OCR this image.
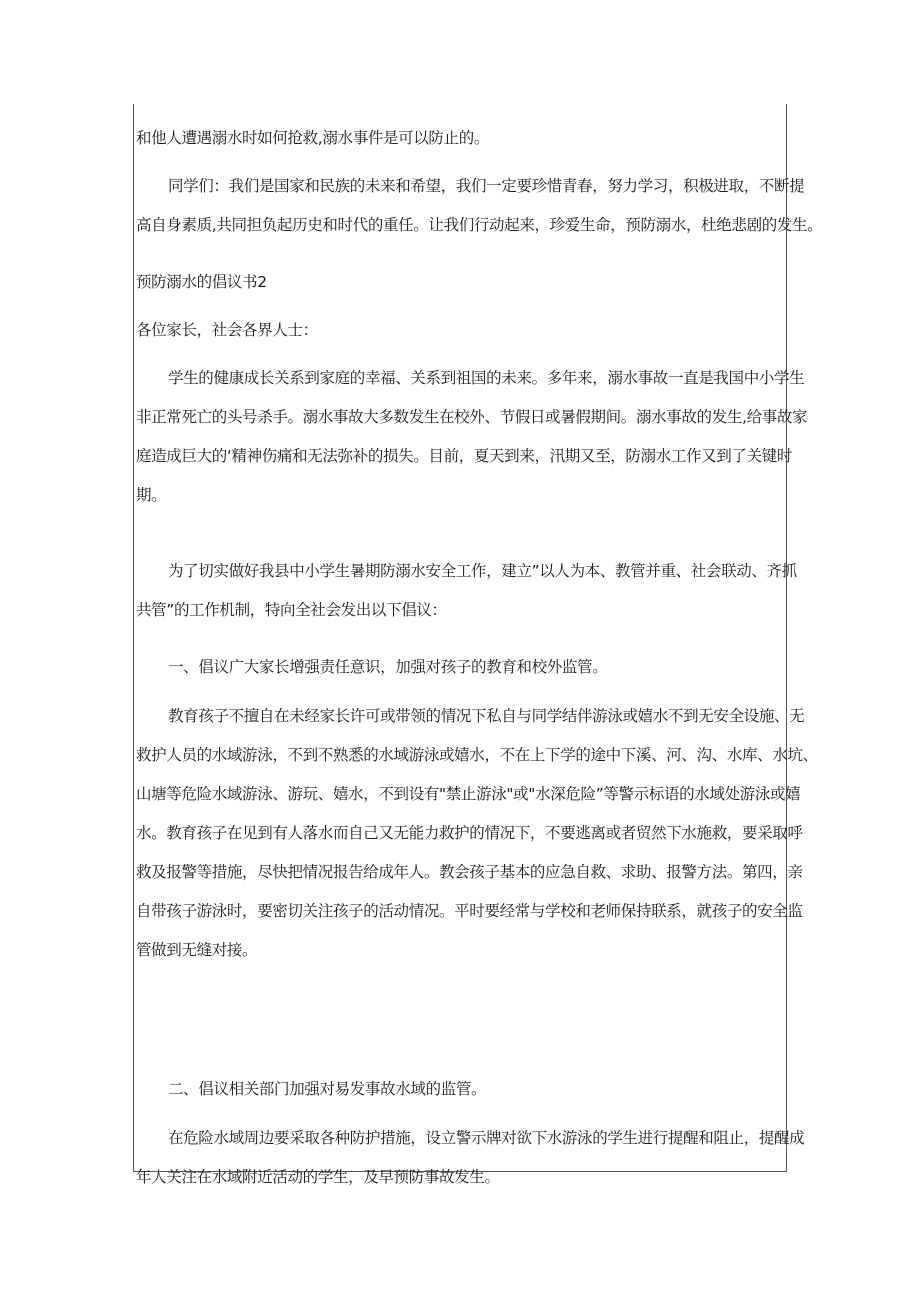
和他人遭遇溺水时如何抢救,溺水事件是可以防止的。
同学们：我们是国家和民族的未来和希望，我们一定要珍惜青春，努力学习，积极进取，不断提
高自身素质,共同担负起历史和时代的重任。让我们行动起来，珍爱生命，预防溺水，杜绝悲剧的发生。
预防溺水的倡议书2
各位家长，社会各界人士：
学生的健康成长关系到家庭的幸福、关系到祖国的未来。多年来，溺水事故一直是我国中小学生
非正常死亡的头号杀手。溺水事故大多数发生在校外、节假日或暑假期间。溺水事故的发生,给事故家
庭造成巨大的‘精神伤痛和无法弥补的损失。目前，夏天到来，汛期又至，防溺水工作又到了关键时
期。
为了切实做好我县中小学生暑期防溺水安全工作，建立”以人为本、教管并重、社会联动、齐抓
共管”的工作机制，特向全社会发出以下倡议：
一、倡议广大家长增强责任意识，加强对孩子的教育和校外监管。
教育孩子不擅自在未经家长许可或带领的情况下私自与同学结伴游泳或嬉水不到无安全设施、无
救护人员的水域游泳，不到不熟悉的水域游泳或嬉水，不在上下学的途中下溪、河、沟、水库、水坑、
山塘等危险水域游泳、游玩、嬉水，不到设有"禁止游泳"或"水深危险”等警示标语的水域处游泳或嬉
水。教育孩子在见到有人落水而自己又无能力救护的情况下，不要逃离或者贸然下水施救，要采取呼
救及报警等措施，尽快把情况报告给成年人。教会孩子基本的应急自救、求助、报警方法。第四，亲
自带孩子游泳时，要密切关注孩子的活动情况。平时要经常与学校和老师保持联系，就孩子的安全监
管做到无缝对接。
二、倡议相关部门加强对易发事故水域的监管。
在危险水域周边要采取各种防护措施，设立警示牌对欲下水游泳的学生进行提醒和阻止，提醒成
年人关注在水域附近活动的学生，及早预防事故发生。
